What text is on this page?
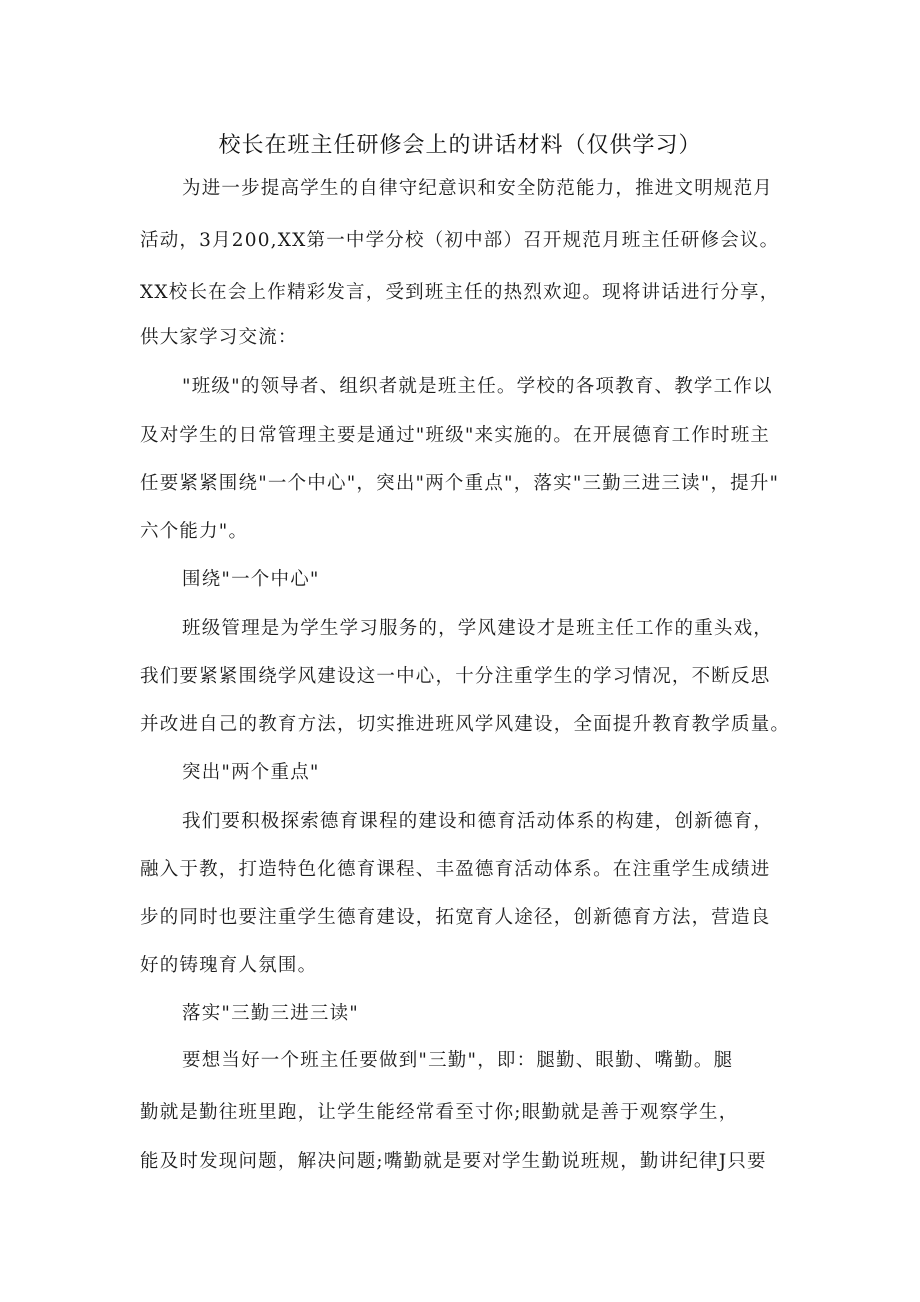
校长在班主任研修会上的讲话材料（仅供学习）
为进一步提高学生的自律守纪意识和安全防范能力，推进文明规范月
活动，3月200,XX第一中学分校（初中部）召开规范月班主任研修会议。
XX校长在会上作精彩发言，受到班主任的热烈欢迎。现将讲话进行分享，
供大家学习交流：
"班级"的领导者、组织者就是班主任。学校的各项教育、教学工作以
及对学生的日常管理主要是通过"班级"来实施的。在开展德育工作时班主
任要紧紧围绕"一个中心"，突出"两个重点"，落实"三勤三进三读"，提升"
六个能力"。
围绕"一个中心"
班级管理是为学生学习服务的，学风建设才是班主任工作的重头戏，
我们要紧紧围绕学风建设这一中心，十分注重学生的学习情况，不断反思
并改进自己的教育方法，切实推进班风学风建设，全面提升教育教学质量。
突出"两个重点"
我们要积极探索德育课程的建设和德育活动体系的构建，创新德育，
融入于教，打造特色化德育课程、丰盈德育活动体系。在注重学生成绩进
步的同时也要注重学生德育建设，拓宽育人途径，创新德育方法，营造良
好的铸瑰育人氛围。
落实"三勤三进三读"
要想当好一个班主任要做到"三勤"，即：腿勤、眼勤、嘴勤。腿
勤就是勤往班里跑，让学生能经常看至寸你;眼勤就是善于观察学生，
能及时发现问题，解决问题;嘴勤就是要对学生勤说班规，勤讲纪律J只要
